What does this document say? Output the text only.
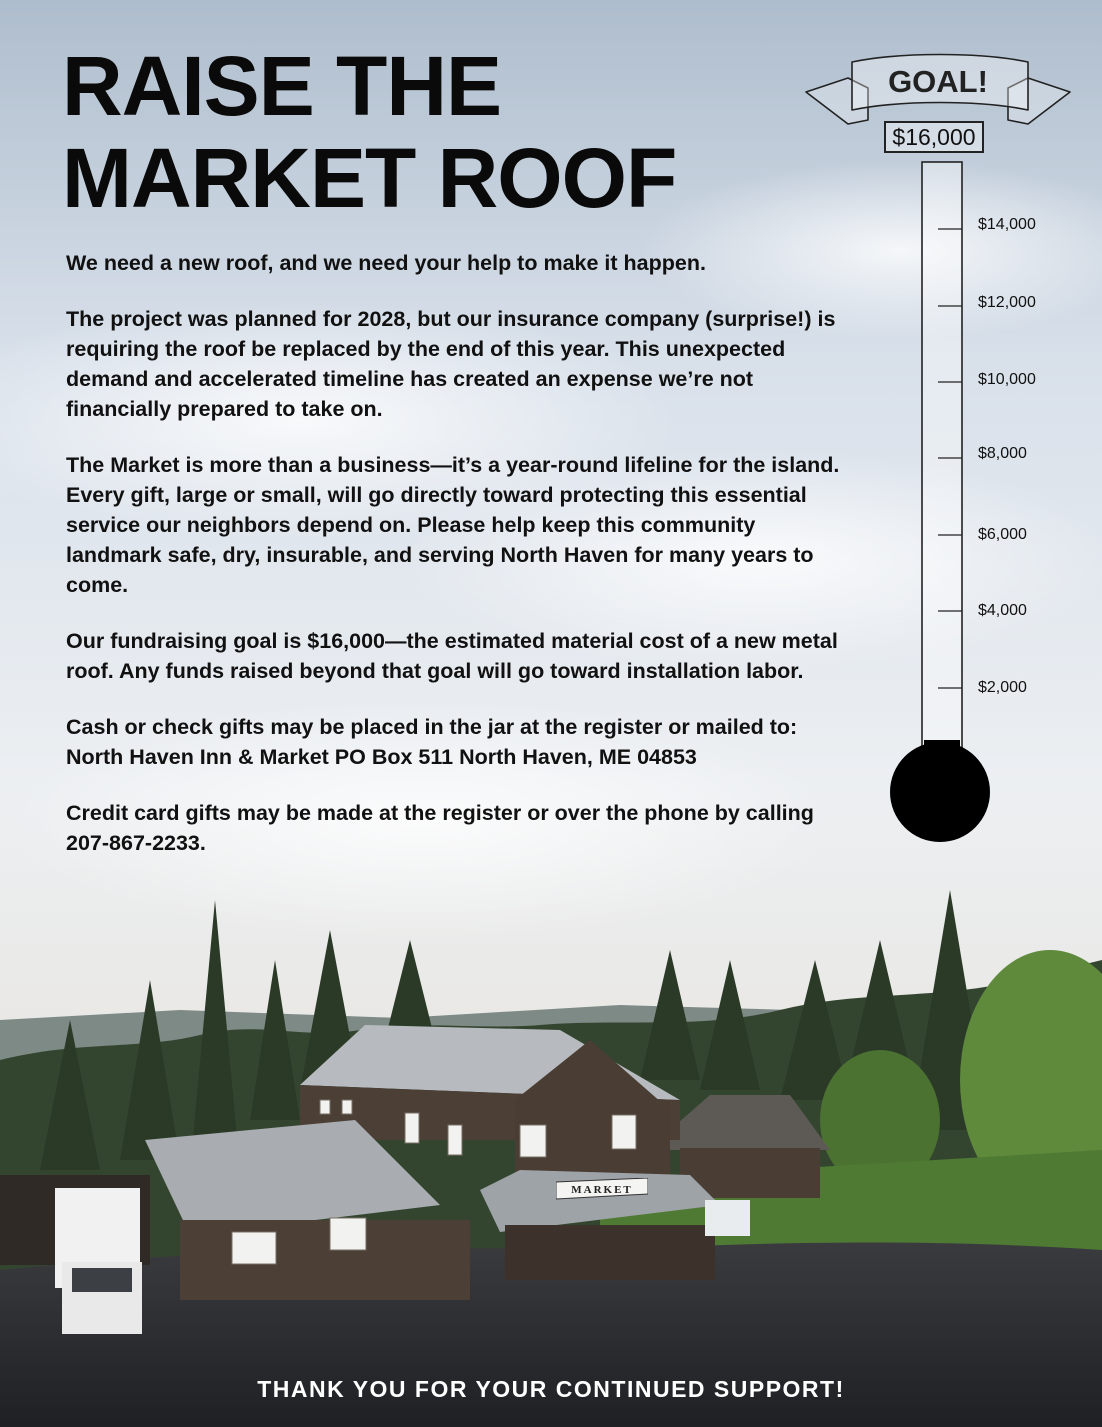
MARKET
RAISE THE
MARKET ROOF

We need a new roof, and we need your help to make it happen.

The project was planned for 2028, but our insurance company (surprise!) is requiring the roof be replaced by the end of this year. This unexpected demand and accelerated timeline has created an expense we’re not financially prepared to take on.

The Market is more than a business—it’s a year-round lifeline for the island. Every gift, large or small, will go directly toward protecting this essential service our neighbors depend on. Please help keep this community landmark safe, dry, insurable, and serving North Haven for many years to come.

Our fundraising goal is $16,000—the estimated material cost of a new metal roof. Any funds raised beyond that goal will go toward installation labor.

Cash or check gifts may be placed in the jar at the register or mailed to: North Haven Inn & Market PO Box 511 North Haven, ME 04853

Credit card gifts may be made at the register or over the phone by calling 207-867-2233.

GOAL!
$16,000
$14,000
$12,000
$10,000
$8,000
$6,000
$4,000
$2,000
THANK YOU FOR YOUR CONTINUED SUPPORT!
